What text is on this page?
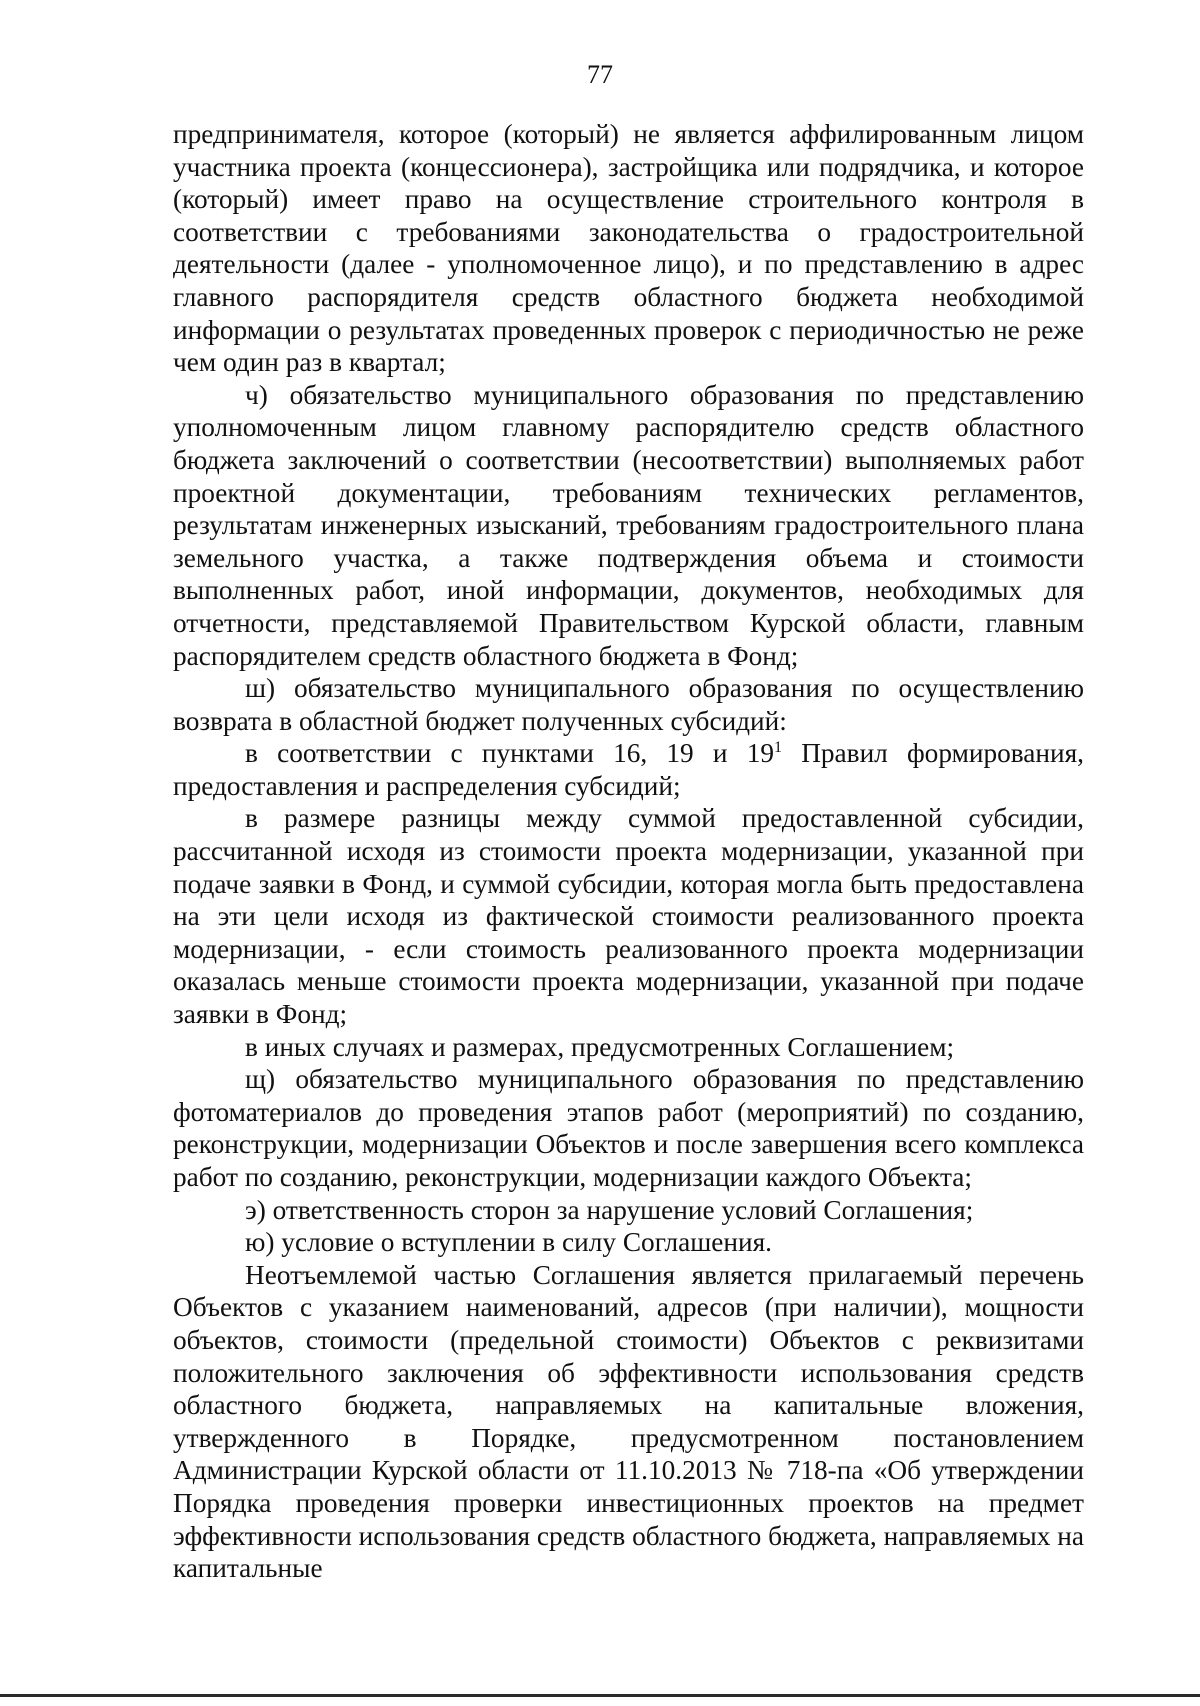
77

предпринимателя, которое (который) не является аффилированным лицом участника проекта (концессионера), застройщика или подрядчика, и которое (который) имеет право на осуществление строительного контроля в соответствии с требованиями законодательства о градостроительной деятельности (далее - уполномоченное лицо), и по представлению в адрес главного распорядителя средств областного бюджета необходимой информации о результатах проведенных проверок с периодичностью не реже чем один раз в квартал;

ч) обязательство муниципального образования по представлению уполномоченным лицом главному распорядителю средств областного бюджета заключений о соответствии (несоответствии) выполняемых работ проектной документации, требованиям технических регламентов, результатам инженерных изысканий, требованиям градостроительного плана земельного участка, а также подтверждения объема и стоимости выполненных работ, иной информации, документов, необходимых для отчетности, представляемой Правительством Курской области, главным распорядителем средств областного бюджета в Фонд;

ш) обязательство муниципального образования по осуществлению возврата в областной бюджет полученных субсидий:

в соответствии с пунктами 16, 19 и $19^1$ Правил формирования, предоставления и распределения субсидий;

в размере разницы между суммой предоставленной субсидии, рассчитанной исходя из стоимости проекта модернизации, указанной при подаче заявки в Фонд, и суммой субсидии, которая могла быть предоставлена на эти цели исходя из фактической стоимости реализованного проекта модернизации, - если стоимость реализованного проекта модернизации оказалась меньше стоимости проекта модернизации, указанной при подаче заявки в Фонд;

в иных случаях и размерах, предусмотренных Соглашением;

щ) обязательство муниципального образования по представлению фотоматериалов до проведения этапов работ (мероприятий) по созданию, реконструкции, модернизации Объектов и после завершения всего комплекса работ по созданию, реконструкции, модернизации каждого Объекта;

э) ответственность сторон за нарушение условий Соглашения;

ю) условие о вступлении в силу Соглашения.

Неотъемлемой частью Соглашения является прилагаемый перечень Объектов с указанием наименований, адресов (при наличии), мощности объектов, стоимости (предельной стоимости) Объектов с реквизитами положительного заключения об эффективности использования средств областного бюджета, направляемых на капитальные вложения, утвержденного в Порядке, предусмотренном постановлением Администрации Курской области от 11.10.2013 № 718-па «Об утверждении Порядка проведения проверки инвестиционных проектов на предмет эффективности использования средств областного бюджета, направляемых на капитальные
